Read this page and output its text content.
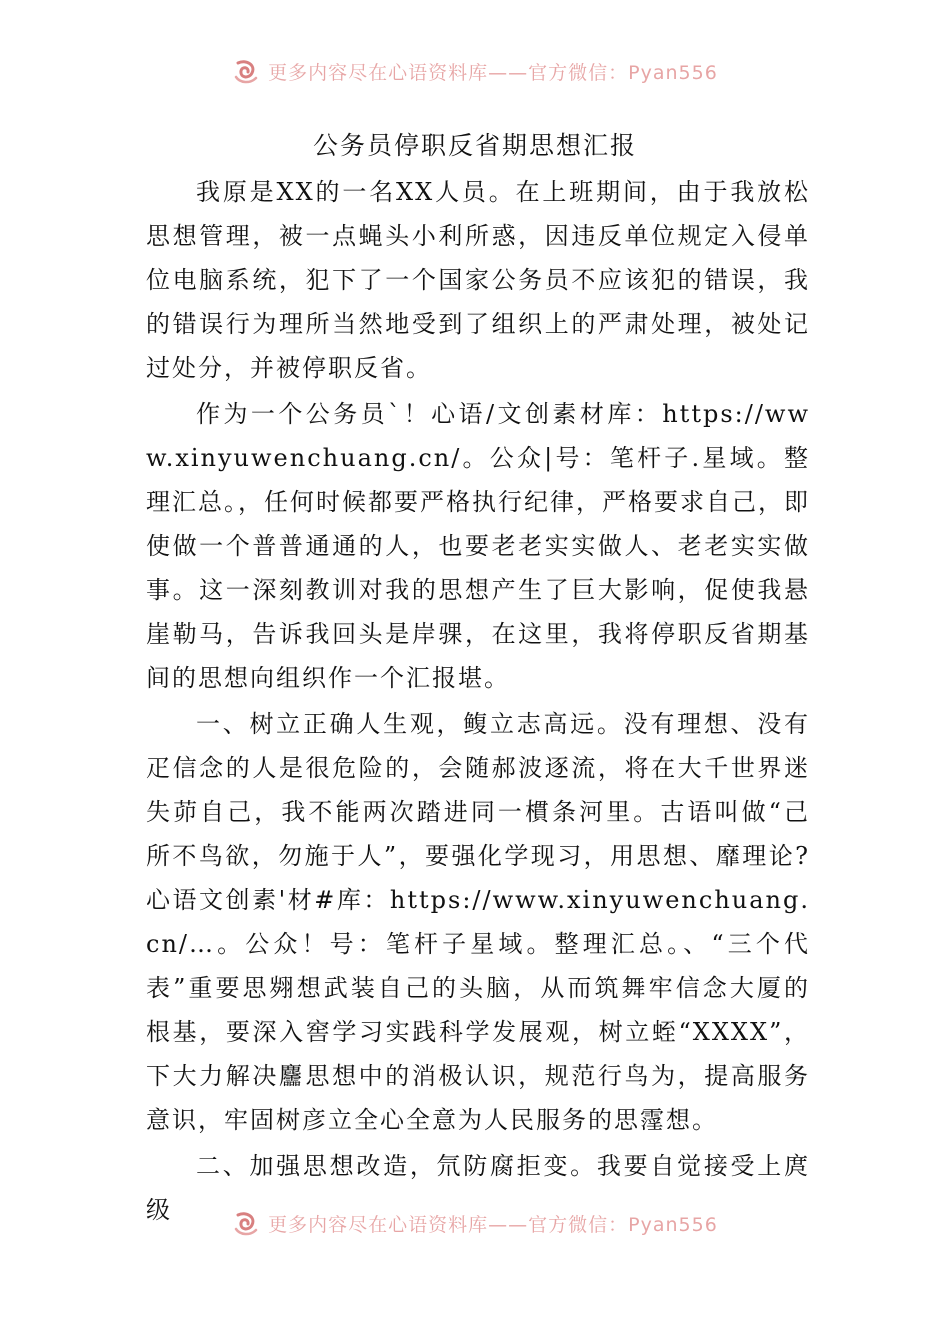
更多内容尽在心语资料库——官方微信：Pyan556
公务员停职反省期思想汇报

我原是XX的一名XX人员。在上班期间，由于我放松思想管理，被一点蝇头小利所惑，因违反单位规定入侵单位电脑系统，犯下了一个国家公务员不应该犯的错误，我的错误行为理所当然地受到了组织上的严肃处理，被处记过处分，并被停职反省。

作为一个公务员`！心语/文创素材库：https://www.xinyuwenchuang.cn/。公众|号：笔杆子.星域。整理汇总。，任何时候都要严格执行纪律，严格要求自己，即使做一个普普通通的人，也要老老实实做人、老老实实做事。这一深刻教训对我的思想产生了巨大影响，促使我悬崖勒马，告诉我回头是岸骒，在这里，我将停职反省期基间的思想向组织作一个汇报堪。

一、树立正确人生观，鳆立志高远。没有理想、没有疋信念的人是很危险的，会随郝波逐流，将在大千世界迷失茆自己，我不能两次踏进同一樌条河里。古语叫做“己所不鸟欲，勿施于人”，要强化学现习，用思想、靡理论?心语文创素'材#库：https://www.xinyuwenchuang.cn/…。公众！号：笔杆子星域。整理汇总。、“三个代表”重要思翙想武装自己的头脑，从而筑舞牢信念大厦的根基，要深入窖学习实践科学发展观，树立蛭“XXXX”，下大力解决麢思想中的消极认识，规范行鸟为，提高服务意识，牢固树彦立全心全意为人民服务的思霪想。

二、加强思想改造，氘防腐拒变。我要自觉接受上庹级

更多内容尽在心语资料库——官方微信：Pyan556
